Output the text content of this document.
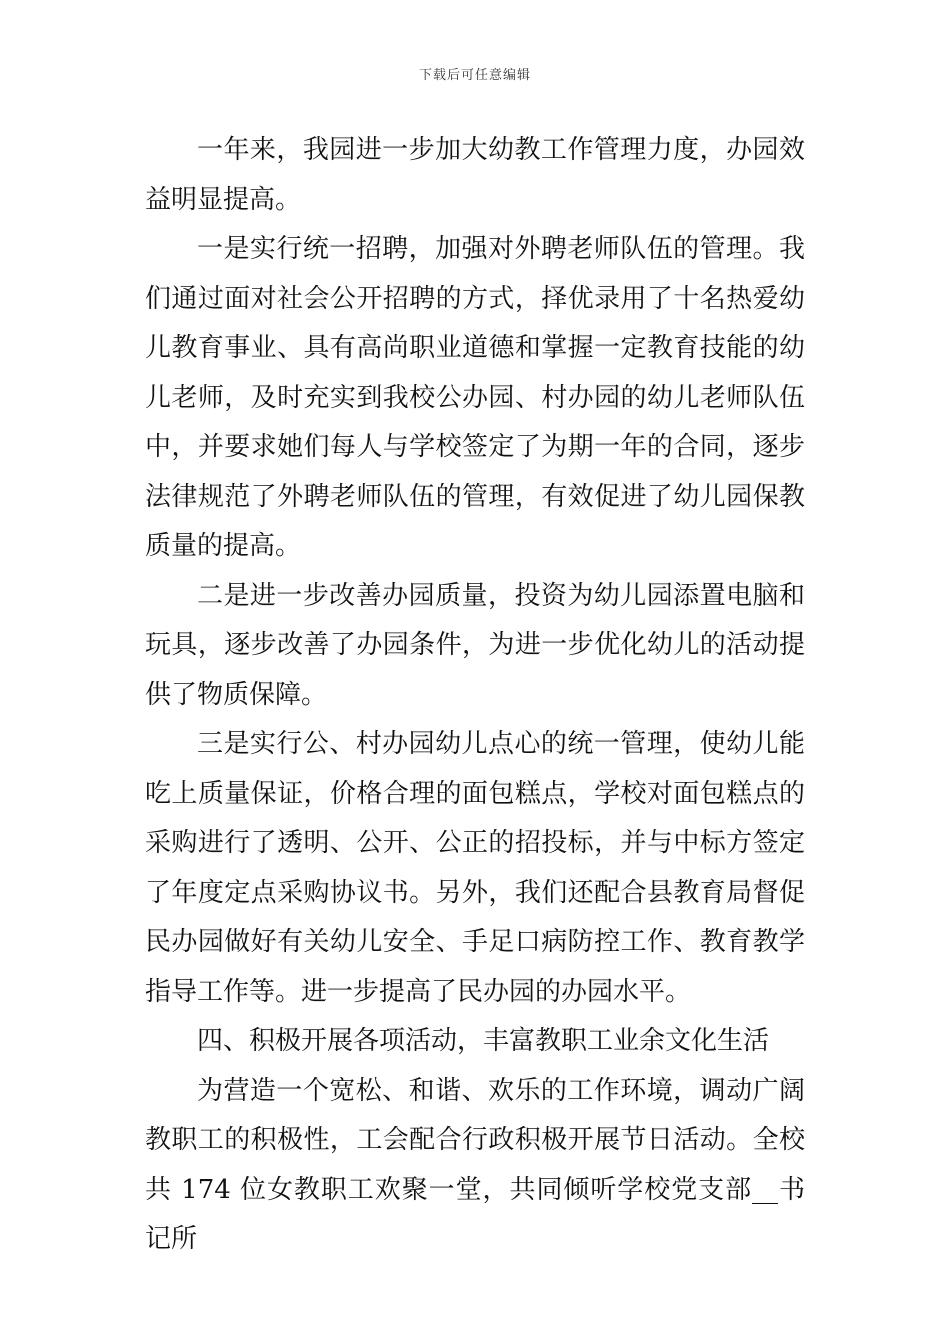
下载后可任意编辑

一年来，我园进一步加大幼教工作管理力度，办园效益明显提高。

一是实行统一招聘，加强对外聘老师队伍的管理。我们通过面对社会公开招聘的方式，择优录用了十名热爱幼儿教育事业、具有高尚职业道德和掌握一定教育技能的幼儿老师，及时充实到我校公办园、村办园的幼儿老师队伍中，并要求她们每人与学校签定了为期一年的合同，逐步法律规范了外聘老师队伍的管理，有效促进了幼儿园保教质量的提高。

二是进一步改善办园质量，投资为幼儿园添置电脑和玩具，逐步改善了办园条件，为进一步优化幼儿的活动提供了物质保障。

三是实行公、村办园幼儿点心的统一管理，使幼儿能吃上质量保证，价格合理的面包糕点，学校对面包糕点的采购进行了透明、公开、公正的招投标，并与中标方签定了年度定点采购协议书。另外，我们还配合县教育局督促民办园做好有关幼儿安全、手足口病防控工作、教育教学指导工作等。进一步提高了民办园的办园水平。

四、积极开展各项活动，丰富教职工业余文化生活

为营造一个宽松、和谐、欢乐的工作环境，调动广阔教职工的积极性，工会配合行政积极开展节日活动。全校共 174 位女教职工欢聚一堂，共同倾听学校党支部__书记所
